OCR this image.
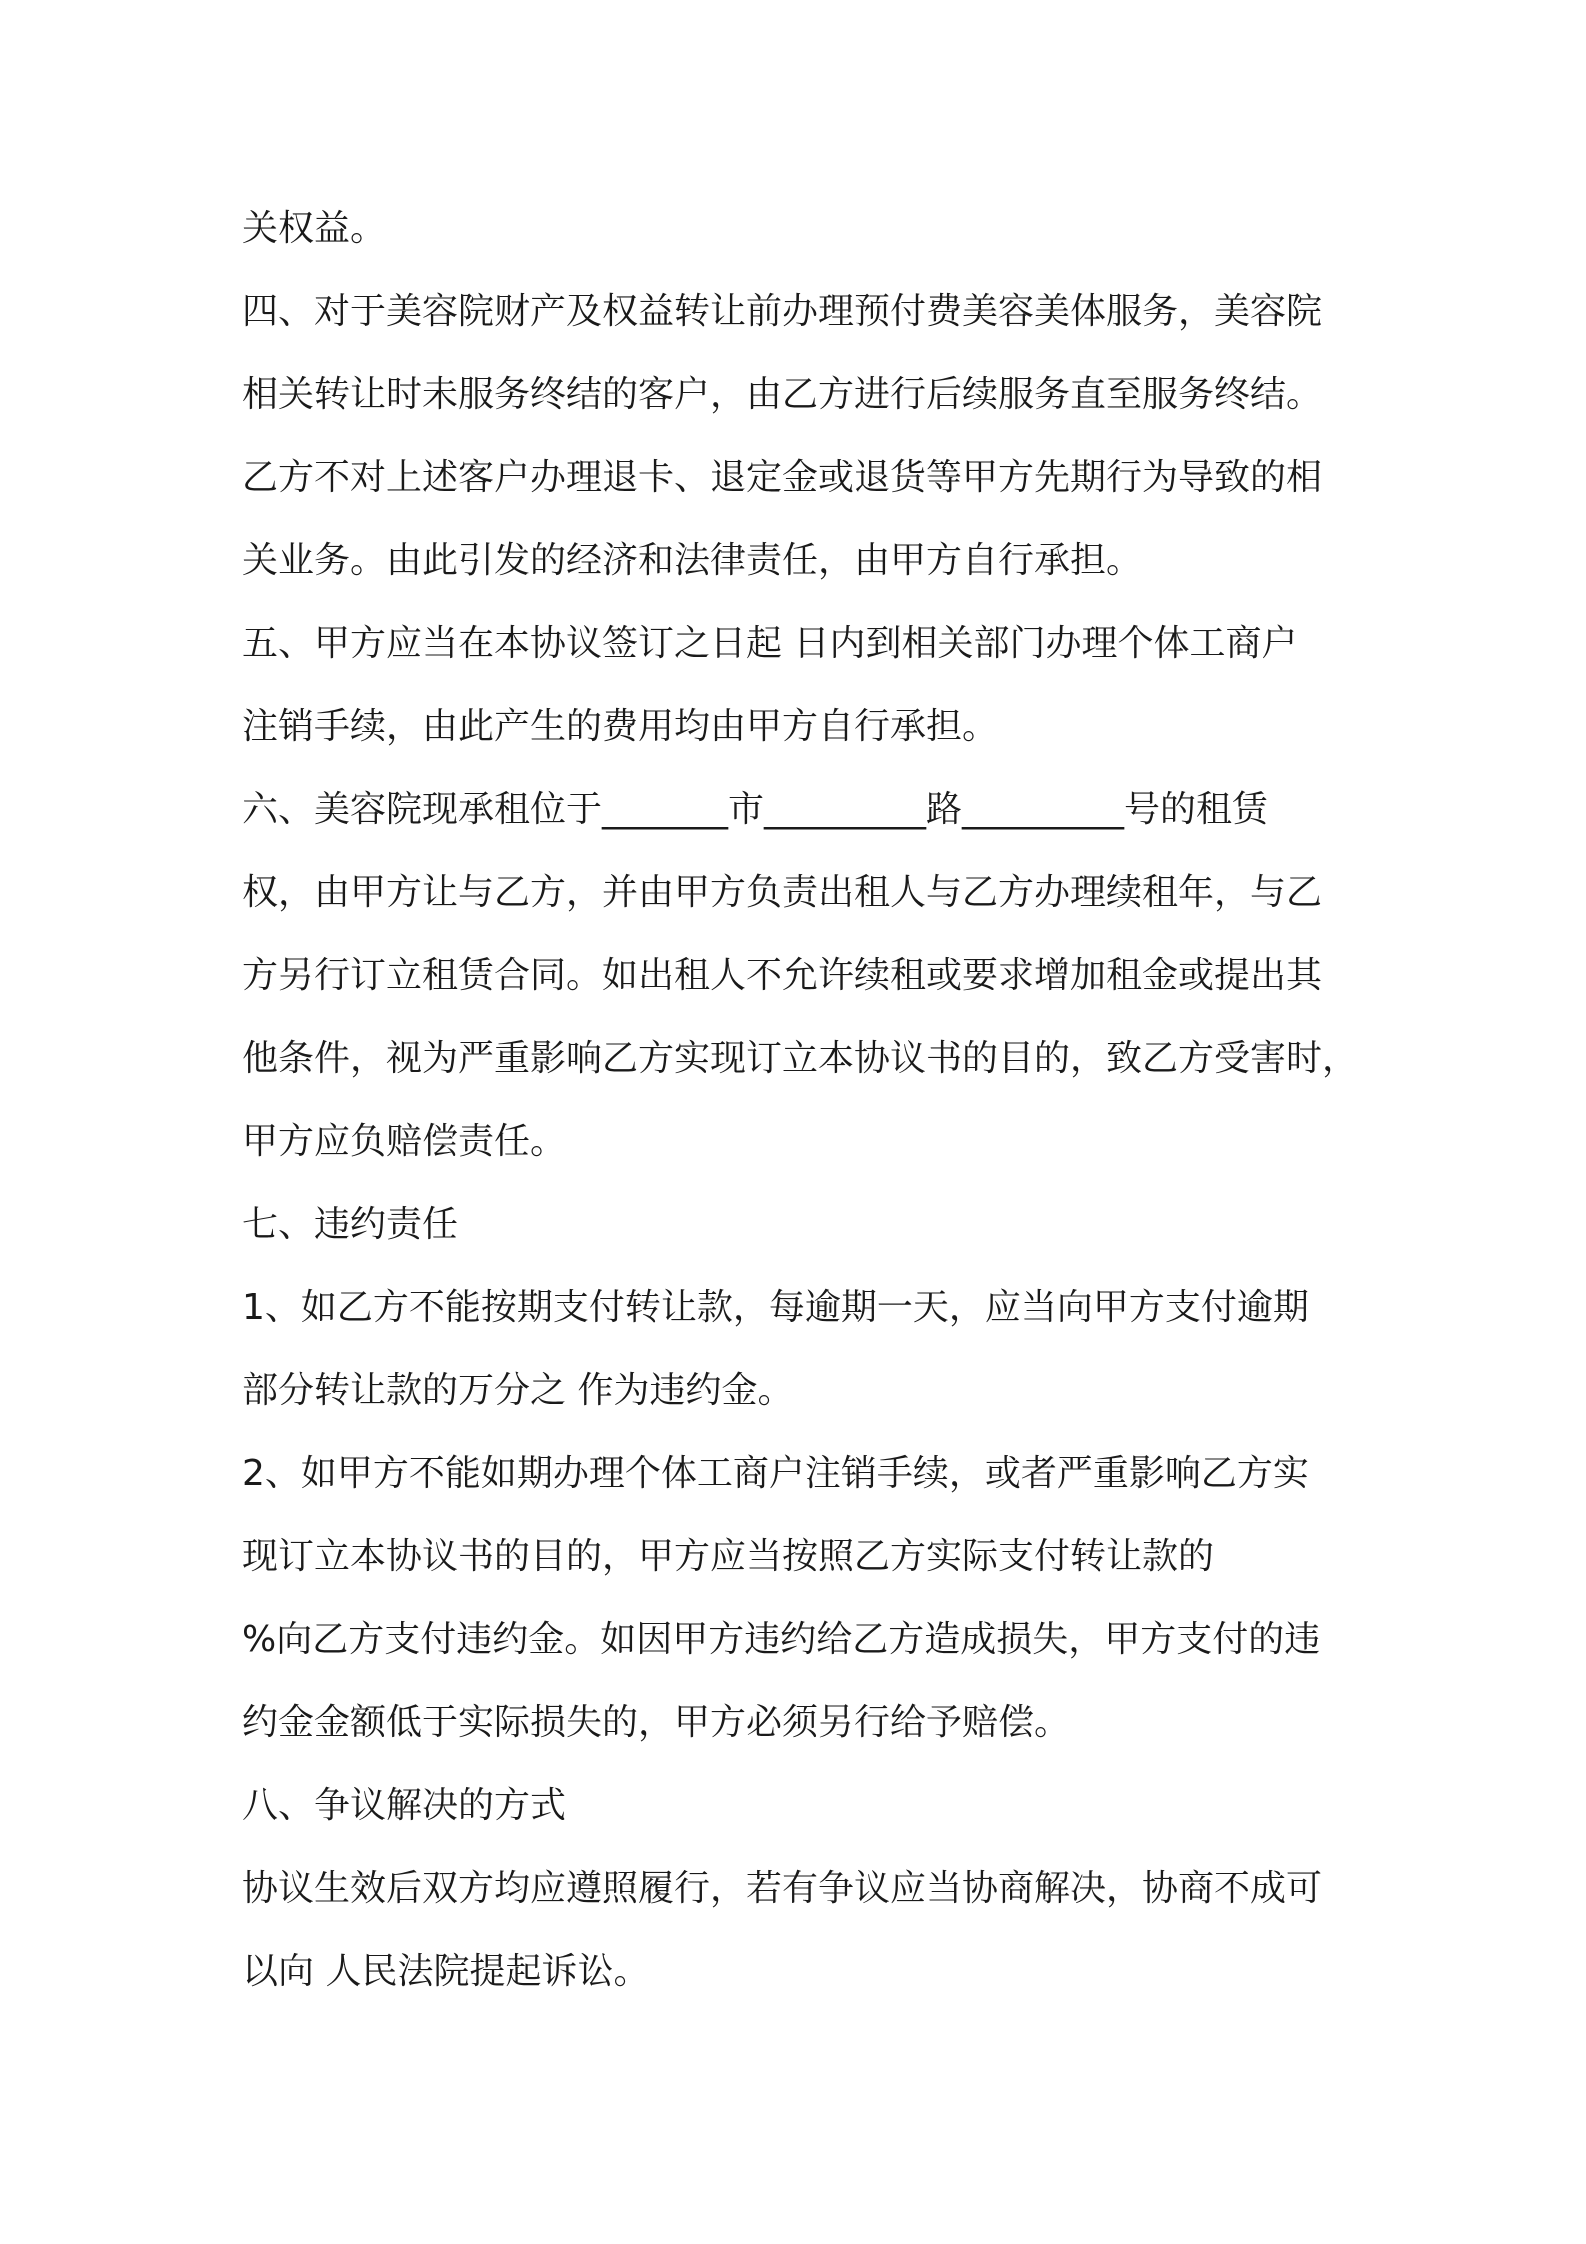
关权益。
四、对于美容院财产及权益转让前办理预付费美容美体服务，美容院
相关转让时未服务终结的客户，由乙方进行后续服务直至服务终结。
乙方不对上述客户办理退卡、退定金或退货等甲方先期行为导致的相
关业务。由此引发的经济和法律责任，由甲方自行承担。
五、甲方应当在本协议签订之日起 日内到相关部门办理个体工商户
注销手续，由此产生的费用均由甲方自行承担。
六、美容院现承租位于_______市_________路_________号的租赁
权，由甲方让与乙方，并由甲方负责出租人与乙方办理续租年，与乙
方另行订立租赁合同。如出租人不允许续租或要求增加租金或提出其
他条件，视为严重影响乙方实现订立本协议书的目的，致乙方受害时，
甲方应负赔偿责任。
七、违约责任
1、如乙方不能按期支付转让款，每逾期一天，应当向甲方支付逾期
部分转让款的万分之 作为违约金。
2、如甲方不能如期办理个体工商户注销手续，或者严重影响乙方实
现订立本协议书的目的，甲方应当按照乙方实际支付转让款的
%向乙方支付违约金。如因甲方违约给乙方造成损失，甲方支付的违
约金金额低于实际损失的，甲方必须另行给予赔偿。
八、争议解决的方式
协议生效后双方均应遵照履行，若有争议应当协商解决，协商不成可
以向 人民法院提起诉讼。
